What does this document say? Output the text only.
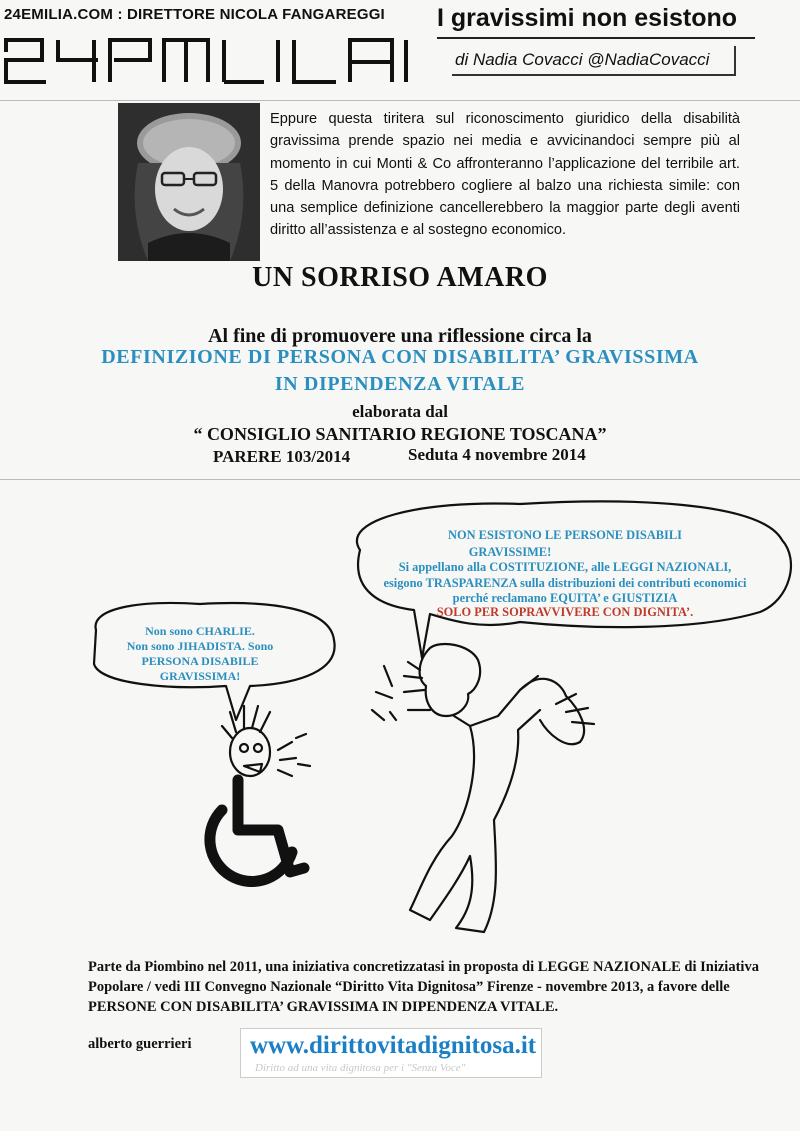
24EMILIA.COM : DIRETTORE NICOLA FANGAREGGI I gravissimi non esistono
di Nadia Covacci @NadiaCovacci
Eppure questa tiritera sul riconoscimento giuridico della disabilità gravissima prende spazio nei media e avvicinandoci sempre più al momento in cui Monti & Co affronteranno l’applicazione del terribile art. 5 della Manovra potrebbero cogliere al balzo una richiesta simile: con una semplice definizione cancellerebbero la maggior parte degli aventi diritto all’assistenza e al sostegno economico.
UN SORRISO AMARO
Al fine di promuovere una riflessione circa la
DEFINIZIONE DI PERSONA CON DISABILITA’ GRAVISSIMA
IN DIPENDENZA VITALE
elaborata dal
“ CONSIGLIO SANITARIO REGIONE TOSCANA”
PARERE 103/2014	Seduta 4 novembre 2014
NON ESISTONO LE PERSONE DISABILI
GRAVISSIME!
Si appellano alla COSTITUZIONE, alle LEGGI NAZIONALI,
esigono TRASPARENZA sulla distribuzioni dei contributi economici
perché reclamano EQUITA’ e GIUSTIZIA
SOLO PER SOPRAVVIVERE CON DIGNITA’.
Non sono CHARLIE.
Non sono JIHADISTA. Sono
PERSONA DISABILE GRAVISSIMA!
Parte da Piombino nel 2011, una iniziativa concretizzatasi in proposta di LEGGE NAZIONALE di Iniziativa Popolare / vedi III Convegno Nazionale “Diritto Vita Dignitosa” Firenze - novembre 2013, a favore delle PERSONE CON DISABILITA’ GRAVISSIMA IN DIPENDENZA VITALE.
alberto guerrieri www.dirittovitadignitosa.it
Diritto ad una vita dignitosa per i "Senza Voce"
